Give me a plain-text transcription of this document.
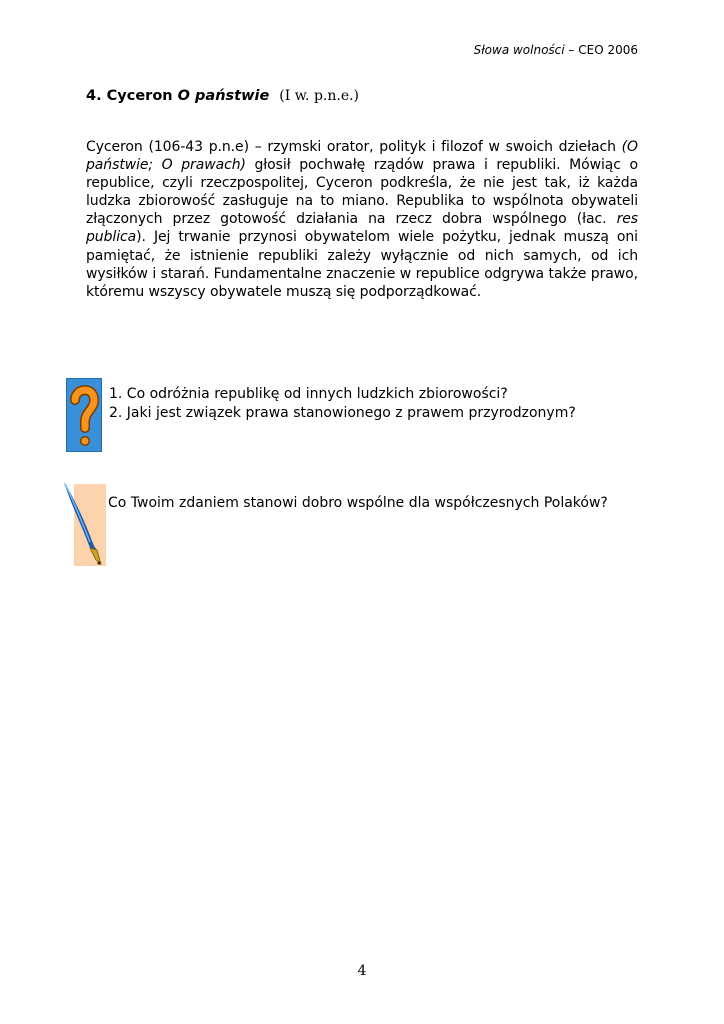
Słowa wolności – CEO 2006
4. Cyceron O państwie (I w. p.n.e.)
Cyceron (106-43 p.n.e) – rzymski orator, polityk i filozof w swoich dziełach (O państwie; O prawach) głosił pochwałę rządów prawa i republiki. Mówiąc o republice, czyli rzeczpospolitej, Cyceron podkreśla, że nie jest tak, iż każda ludzka zbiorowość zasługuje na to miano. Republika to wspólnota obywateli złączonych przez gotowość działania na rzecz dobra wspólnego (łac. res publica). Jej trwanie przynosi obywatelom wiele pożytku, jednak muszą oni pamiętać, że istnienie republiki zależy wyłącznie od nich samych, od ich wysiłków i starań. Fundamentalne znaczenie w republice odgrywa także prawo, któremu wszyscy obywatele muszą się podporządkować.
1. Co odróżnia republikę od innych ludzkich zbiorowości?
2. Jaki jest związek prawa stanowionego z prawem przyrodzonym?
Co Twoim zdaniem stanowi dobro wspólne dla współczesnych Polaków?
4
